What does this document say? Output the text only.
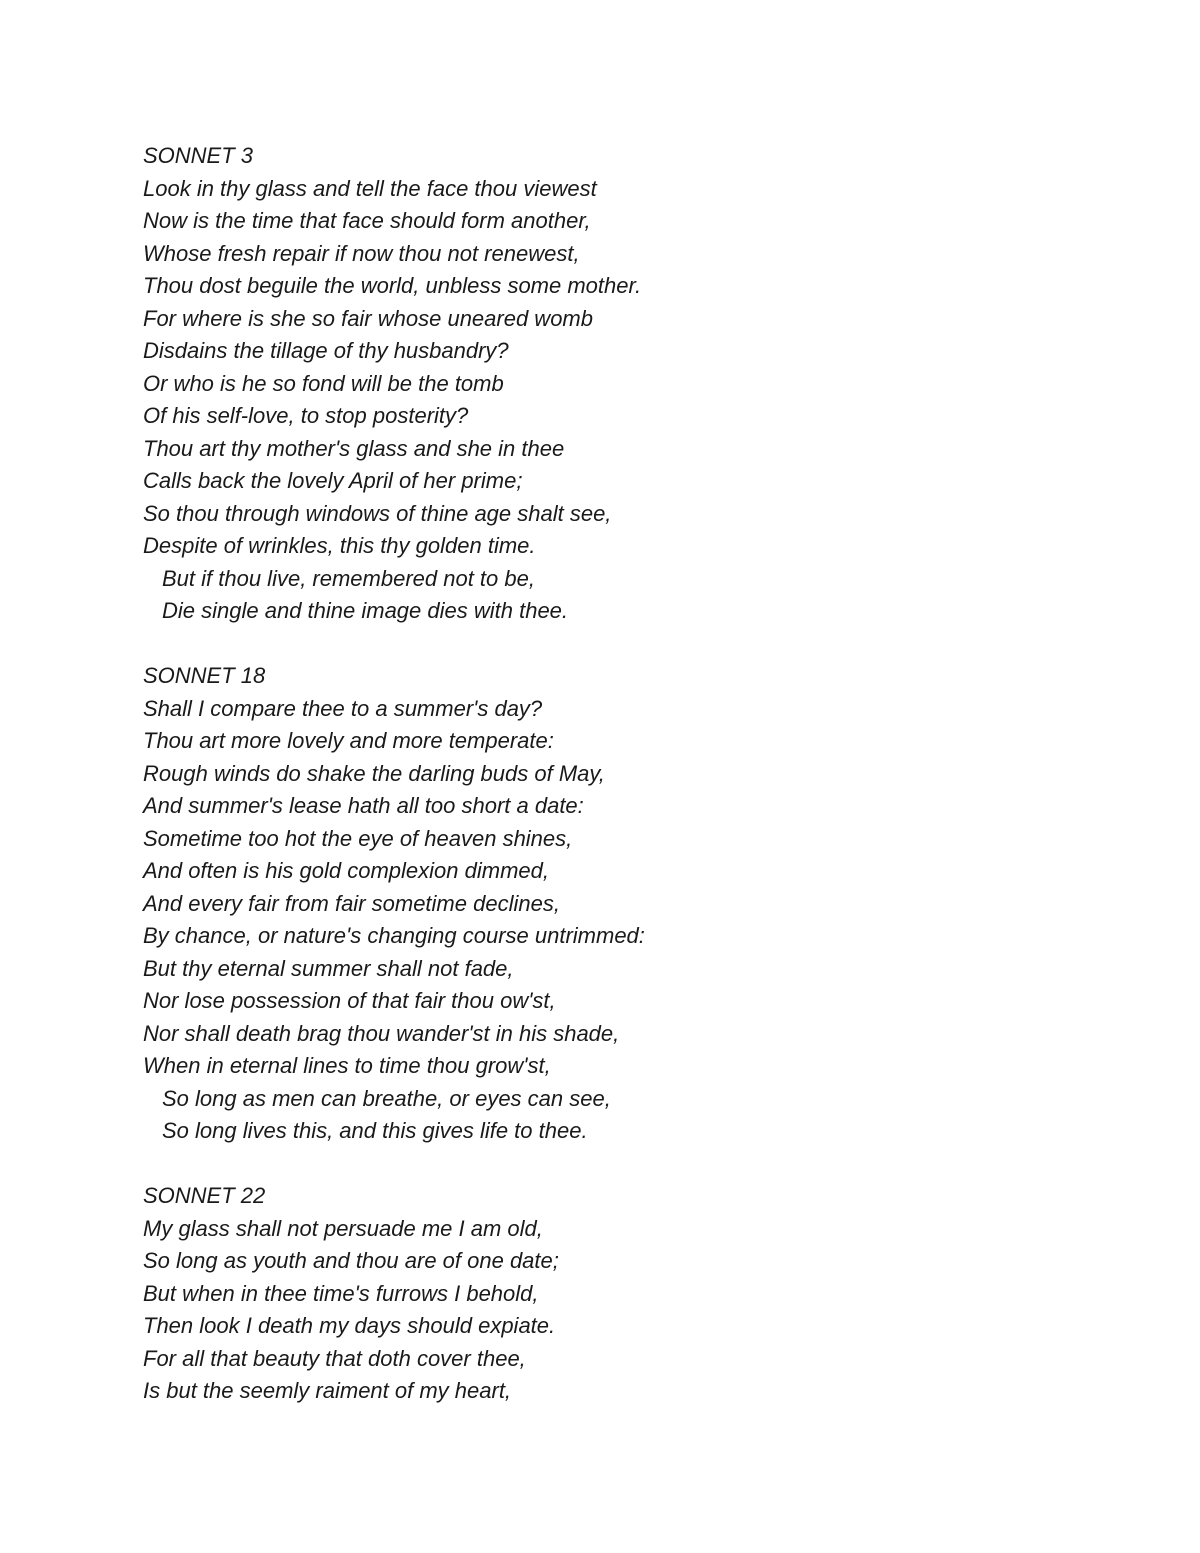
SONNET 3
Look in thy glass and tell the face thou viewest
Now is the time that face should form another,
Whose fresh repair if now thou not renewest,
Thou dost beguile the world, unbless some mother.
For where is she so fair whose uneared womb
Disdains the tillage of thy husbandry?
Or who is he so fond will be the tomb
Of his self-love, to stop posterity?
Thou art thy mother's glass and she in thee
Calls back the lovely April of her prime;
So thou through windows of thine age shalt see,
Despite of wrinkles, this thy golden time.
But if thou live, remembered not to be,
Die single and thine image dies with thee.
SONNET 18
Shall I compare thee to a summer's day?
Thou art more lovely and more temperate:
Rough winds do shake the darling buds of May,
And summer's lease hath all too short a date:
Sometime too hot the eye of heaven shines,
And often is his gold complexion dimmed,
And every fair from fair sometime declines,
By chance, or nature's changing course untrimmed:
But thy eternal summer shall not fade,
Nor lose possession of that fair thou ow'st,
Nor shall death brag thou wander'st in his shade,
When in eternal lines to time thou grow'st,
So long as men can breathe, or eyes can see,
So long lives this, and this gives life to thee.
SONNET 22
My glass shall not persuade me I am old,
So long as youth and thou are of one date;
But when in thee time's furrows I behold,
Then look I death my days should expiate.
For all that beauty that doth cover thee,
Is but the seemly raiment of my heart,
